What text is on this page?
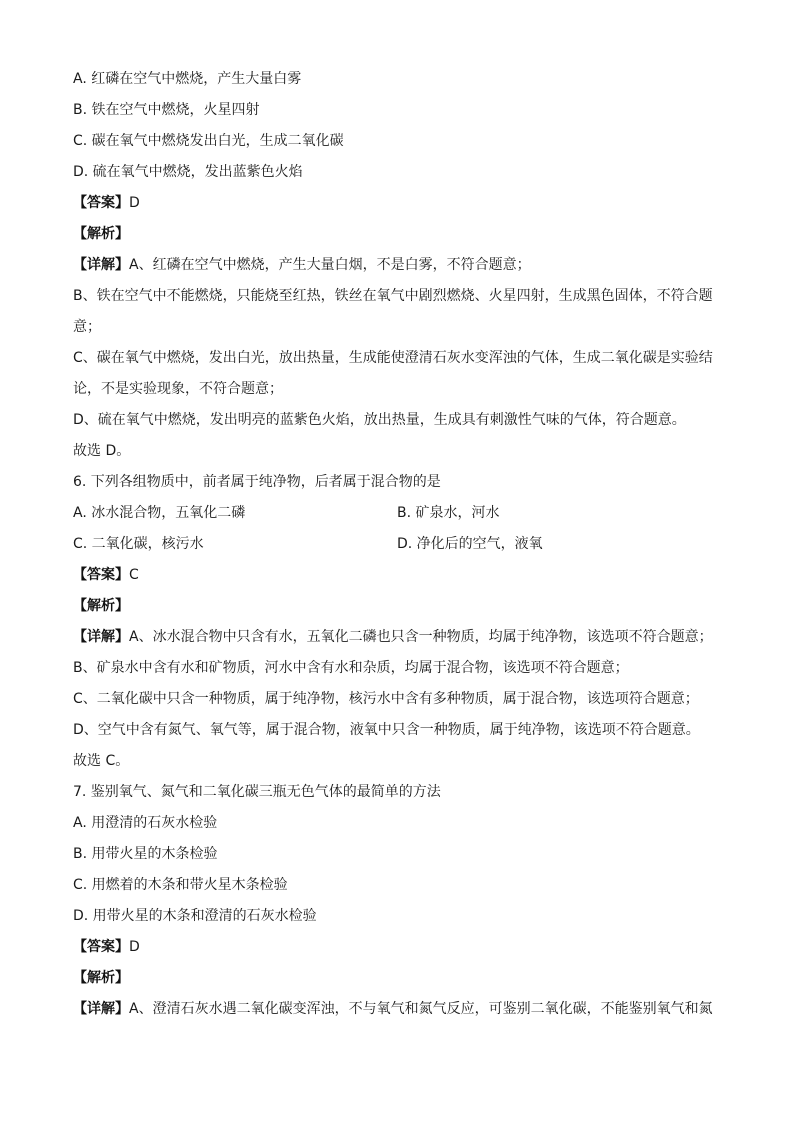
A. 红磷在空气中燃烧，产生大量白雾
B. 铁在空气中燃烧，火星四射
C. 碳在氧气中燃烧发出白光，生成二氧化碳
D. 硫在氧气中燃烧，发出蓝紫色火焰
【答案】D
【解析】
【详解】A、红磷在空气中燃烧，产生大量白烟，不是白雾，不符合题意；
B、铁在空气中不能燃烧，只能烧至红热，铁丝在氧气中剧烈燃烧、火星四射，生成黑色固体，不符合题
意；
C、碳在氧气中燃烧，发出白光，放出热量，生成能使澄清石灰水变浑浊的气体，生成二氧化碳是实验结
论，不是实验现象，不符合题意；
D、硫在氧气中燃烧，发出明亮的蓝紫色火焰，放出热量，生成具有刺激性气味的气体，符合题意。
故选 D。
6. 下列各组物质中，前者属于纯净物，后者属于混合物的是
A. 冰水混合物，五氧化二磷	B. 矿泉水，河水
C. 二氧化碳，核污水	D. 净化后的空气，液氧
【答案】C
【解析】
【详解】A、冰水混合物中只含有水，五氧化二磷也只含一种物质，均属于纯净物，该选项不符合题意；
B、矿泉水中含有水和矿物质，河水中含有水和杂质，均属于混合物，该选项不符合题意；
C、二氧化碳中只含一种物质，属于纯净物，核污水中含有多种物质，属于混合物，该选项符合题意；
D、空气中含有氮气、氧气等，属于混合物，液氧中只含一种物质，属于纯净物，该选项不符合题意。
故选 C。
7. 鉴别氧气、氮气和二氧化碳三瓶无色气体的最简单的方法
A. 用澄清的石灰水检验
B. 用带火星的木条检验
C. 用燃着的木条和带火星木条检验
D. 用带火星的木条和澄清的石灰水检验
【答案】D
【解析】
【详解】A、澄清石灰水遇二氧化碳变浑浊，不与氧气和氮气反应，可鉴别二氧化碳，不能鉴别氧气和氮
